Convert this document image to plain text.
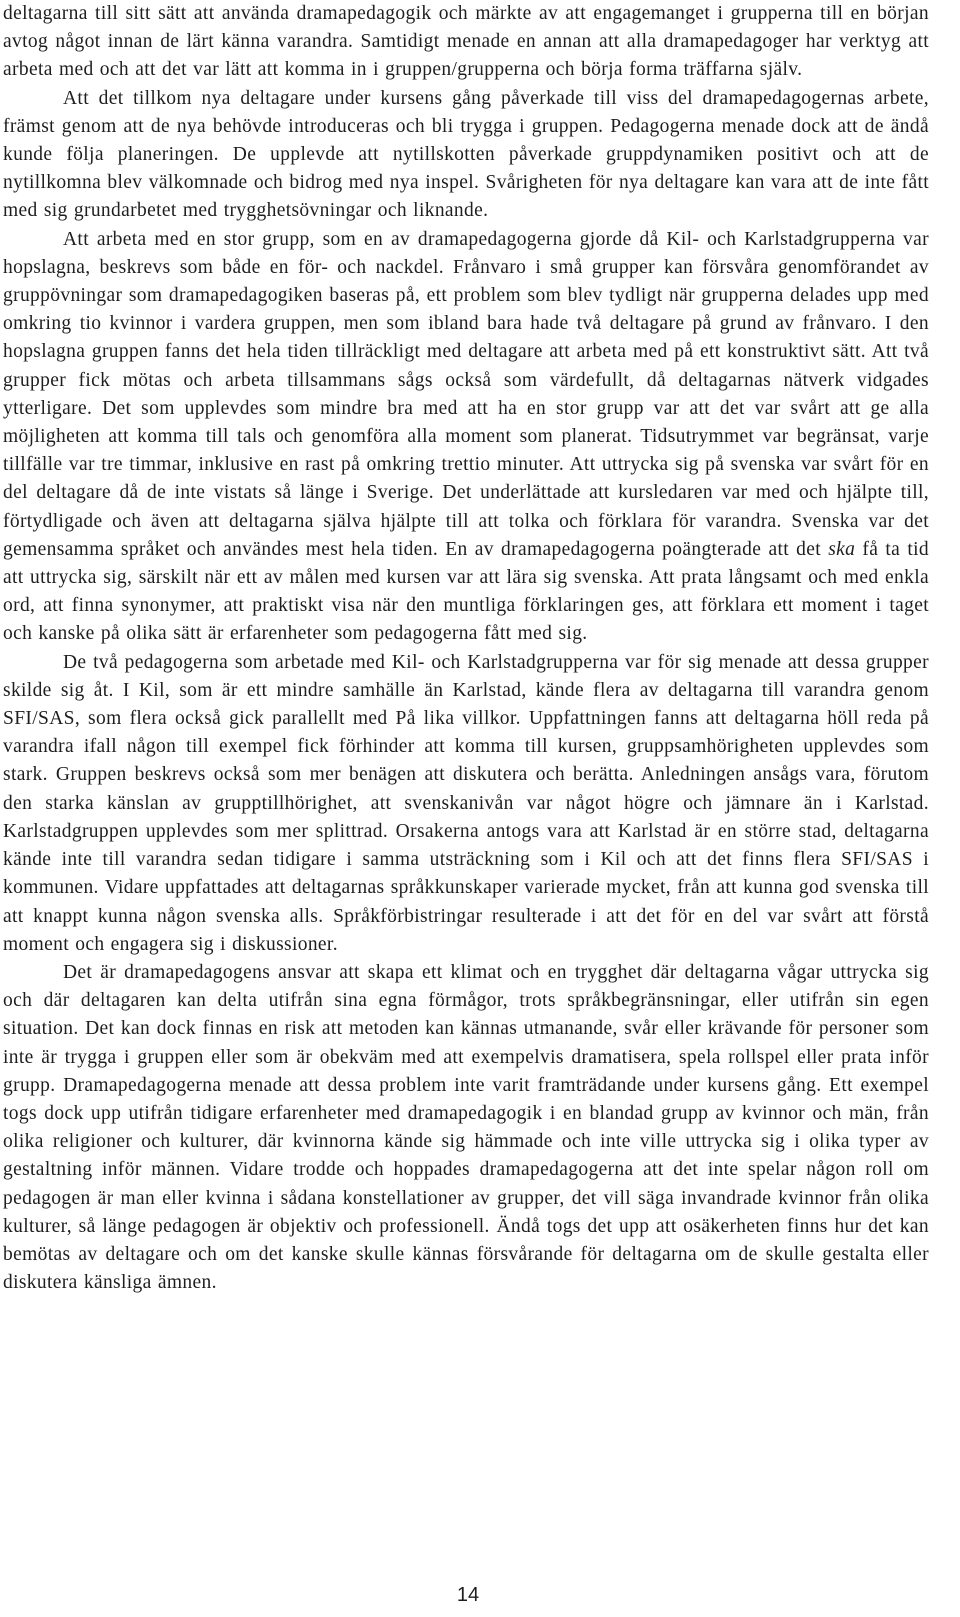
deltagarna till sitt sätt att använda dramapedagogik och märkte av att engagemanget i grupperna till en början avtog något innan de lärt känna varandra. Samtidigt menade en annan att alla dramapedagoger har verktyg att arbeta med och att det var lätt att komma in i gruppen/grupperna och börja forma träffarna själv.

Att det tillkom nya deltagare under kursens gång påverkade till viss del dramapedagogernas arbete, främst genom att de nya behövde introduceras och bli trygga i gruppen. Pedagogerna menade dock att de ändå kunde följa planeringen. De upplevde att nytillskotten påverkade gruppdynamiken positivt och att de nytillkomna blev välkomnade och bidrog med nya inspel. Svårigheten för nya deltagare kan vara att de inte fått med sig grundarbetet med trygghetsövningar och liknande.

Att arbeta med en stor grupp, som en av dramapedagogerna gjorde då Kil- och Karlstadgrupperna var hopslagna, beskrevs som både en för- och nackdel. Frånvaro i små grupper kan försvåra genomförandet av gruppövningar som dramapedagogiken baseras på, ett problem som blev tydligt när grupperna delades upp med omkring tio kvinnor i vardera gruppen, men som ibland bara hade två deltagare på grund av frånvaro. I den hopslagna gruppen fanns det hela tiden tillräckligt med deltagare att arbeta med på ett konstruktivt sätt. Att två grupper fick mötas och arbeta tillsammans sågs också som värdefullt, då deltagarnas nätverk vidgades ytterligare. Det som upplevdes som mindre bra med att ha en stor grupp var att det var svårt att ge alla möjligheten att komma till tals och genomföra alla moment som planerat. Tidsutrymmet var begränsat, varje tillfälle var tre timmar, inklusive en rast på omkring trettio minuter. Att uttrycka sig på svenska var svårt för en del deltagare då de inte vistats så länge i Sverige. Det underlättade att kursledaren var med och hjälpte till, förtydligade och även att deltagarna själva hjälpte till att tolka och förklara för varandra. Svenska var det gemensamma språket och användes mest hela tiden. En av dramapedagogerna poängterade att det ska få ta tid att uttrycka sig, särskilt när ett av målen med kursen var att lära sig svenska. Att prata långsamt och med enkla ord, att finna synonymer, att praktiskt visa när den muntliga förklaringen ges, att förklara ett moment i taget och kanske på olika sätt är erfarenheter som pedagogerna fått med sig.

De två pedagogerna som arbetade med Kil- och Karlstadgrupperna var för sig menade att dessa grupper skilde sig åt. I Kil, som är ett mindre samhälle än Karlstad, kände flera av deltagarna till varandra genom SFI/SAS, som flera också gick parallellt med På lika villkor. Uppfattningen fanns att deltagarna höll reda på varandra ifall någon till exempel fick förhinder att komma till kursen, gruppsamhörigheten upplevdes som stark. Gruppen beskrevs också som mer benägen att diskutera och berätta. Anledningen ansågs vara, förutom den starka känslan av grupptillhörighet, att svenskanivån var något högre och jämnare än i Karlstad. Karlstadgruppen upplevdes som mer splittrad. Orsakerna antogs vara att Karlstad är en större stad, deltagarna kände inte till varandra sedan tidigare i samma utsträckning som i Kil och att det finns flera SFI/SAS i kommunen. Vidare uppfattades att deltagarnas språkkunskaper varierade mycket, från att kunna god svenska till att knappt kunna någon svenska alls. Språkförbistringar resulterade i att det för en del var svårt att förstå moment och engagera sig i diskussioner.

Det är dramapedagogens ansvar att skapa ett klimat och en trygghet där deltagarna vågar uttrycka sig och där deltagaren kan delta utifrån sina egna förmågor, trots språkbegränsningar, eller utifrån sin egen situation. Det kan dock finnas en risk att metoden kan kännas utmanande, svår eller krävande för personer som inte är trygga i gruppen eller som är obekväm med att exempelvis dramatisera, spela rollspel eller prata inför grupp. Dramapedagogerna menade att dessa problem inte varit framträdande under kursens gång. Ett exempel togs dock upp utifrån tidigare erfarenheter med dramapedagogik i en blandad grupp av kvinnor och män, från olika religioner och kulturer, där kvinnorna kände sig hämmade och inte ville uttrycka sig i olika typer av gestaltning inför männen. Vidare trodde och hoppades dramapedagogerna att det inte spelar någon roll om pedagogen är man eller kvinna i sådana konstellationer av grupper, det vill säga invandrade kvinnor från olika kulturer, så länge pedagogen är objektiv och professionell. Ändå togs det upp att osäkerheten finns hur det kan bemötas av deltagare och om det kanske skulle kännas försvårande för deltagarna om de skulle gestalta eller diskutera känsliga ämnen.

14
